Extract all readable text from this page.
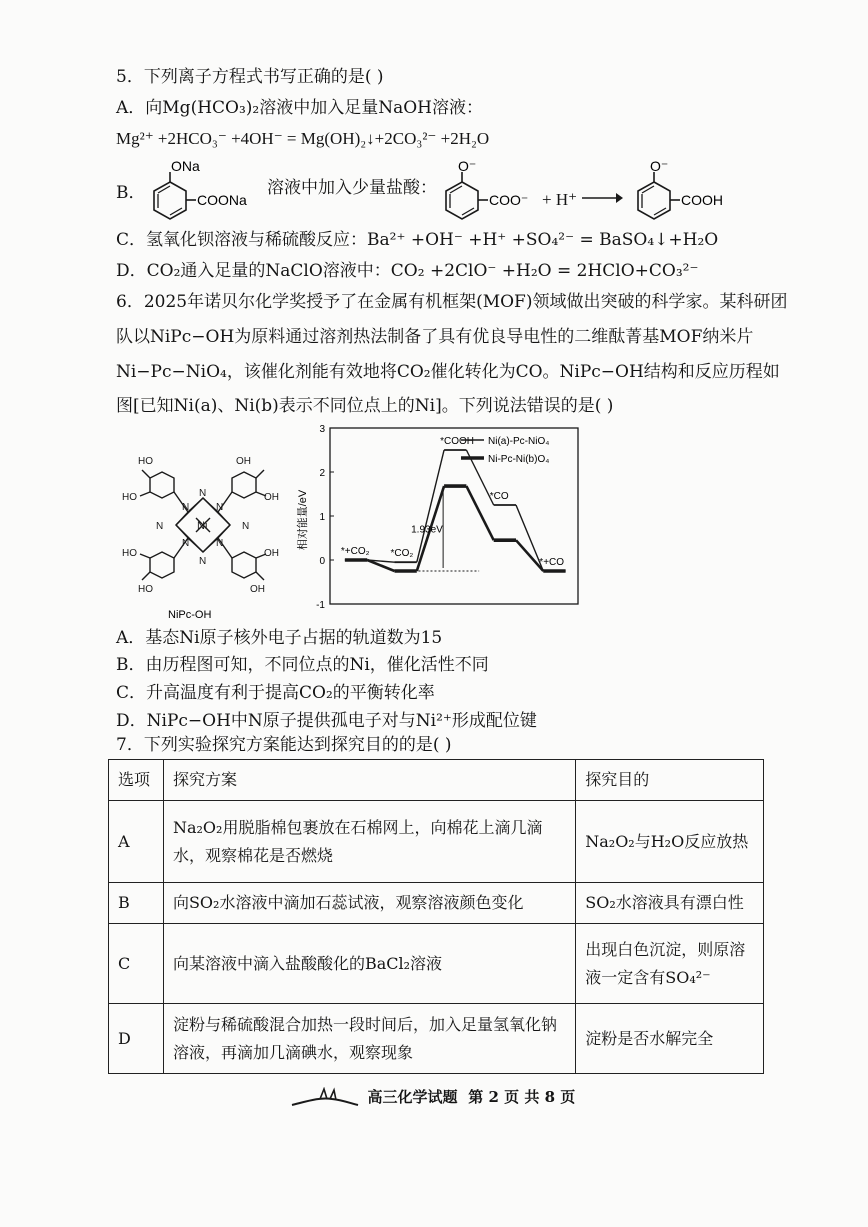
5．下列离子方程式书写正确的是( )
A．向Mg(HCO₃)₂溶液中加入足量NaOH溶液：
Mg²⁺ +2HCO₃⁻ +4OH⁻ = Mg(OH)₂↓+2CO₃²⁻ +2H₂O
B．
ONa
COONa
溶液中加入少量盐酸：
O⁻
COO⁻ + H⁺
O⁻
COOH
C．氢氧化钡溶液与稀硫酸反应：Ba²⁺ +OH⁻ +H⁺ +SO₄²⁻ = BaSO₄↓+H₂O
D．CO₂通入足量的NaClO溶液中：CO₂ +2ClO⁻ +H₂O = 2HClO+CO₃²⁻
6．2025年诺贝尔化学奖授予了在金属有机框架(MOF)领域做出突破的科学家。某科研团
队以NiPc−OH为原料通过溶剂热法制备了具有优良导电性的二维酞菁基MOF纳米片
Ni−Pc−NiO₄，该催化剂能有效地将CO₂催化转化为CO。NiPc−OH结构和反应历程如
图[已知Ni(a)、Ni(b)表示不同位点上的Ni]。下列说法错误的是( )
HO	OH
HO	OH
HO	OH
HO	OH
Ni
N
N
N	N
N	N
N	N
NiPc-OH
相对能量/eV
3
2
1
0
-1
*+CO₂ *CO₂
*COOH
*CO
*+CO
1.93eV
Ni(a)-Pc-NiO₄
Ni-Pc-Ni(b)O₄
A．基态Ni原子核外电子占据的轨道数为15
B．由历程图可知，不同位点的Ni，催化活性不同
C．升高温度有利于提高CO₂的平衡转化率
D．NiPc−OH中N原子提供孤电子对与Ni²⁺形成配位键
7．下列实验探究方案能达到探究目的的是( )
选项	探究方案	探究目的
A	Na₂O₂用脱脂棉包裹放在石棉网上，向棉花上滴几滴水，观察棉花是否燃烧	Na₂O₂与H₂O反应放热
B	向SO₂水溶液中滴加石蕊试液，观察溶液颜色变化	SO₂水溶液具有漂白性
C	向某溶液中滴入盐酸酸化的BaCl₂溶液	出现白色沉淀，则原溶液一定含有SO₄²⁻
D	淀粉与稀硫酸混合加热一段时间后，加入足量氢氧化钠溶液，再滴加几滴碘水，观察现象	淀粉是否水解完全
高三化学试题 第 2 页 共 8 页
